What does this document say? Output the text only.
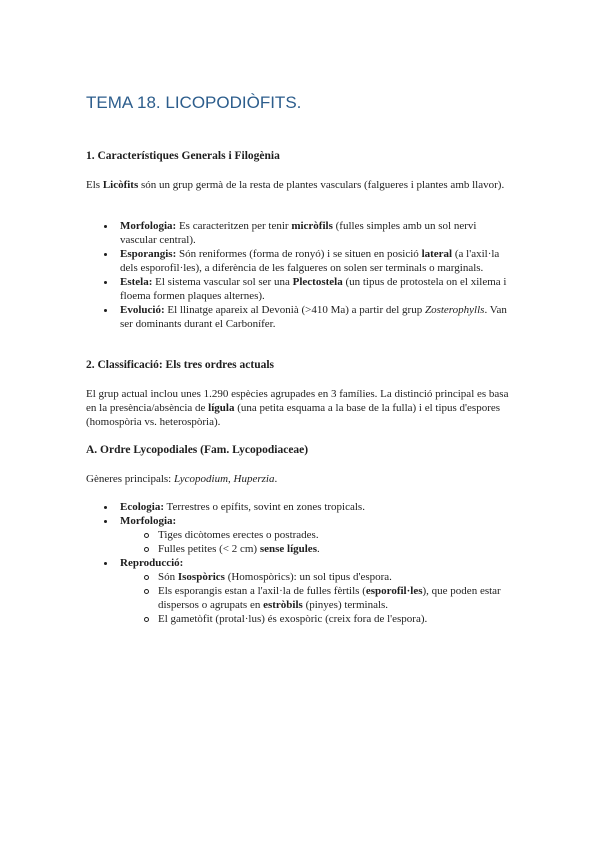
TEMA 18. LICOPODIÒFITS.
1. Característiques Generals i Filogènia

Els Licòfits són un grup germà de la resta de plantes vasculars (falgueres i plantes amb llavor).

Morfologia: Es caracteritzen per tenir micròfils (fulles simples amb un sol nervi vascular central).
Esporangis: Són reniformes (forma de ronyó) i se situen en posició lateral (a l'axil·la dels esporofil·les), a diferència de les falgueres on solen ser terminals o marginals.
Estela: El sistema vascular sol ser una Plectostela (un tipus de protostela on el xilema i floema formen plaques alternes).
Evolució: El llinatge apareix al Devonià (>410 Ma) a partir del grup Zosterophylls. Van ser dominants durant el Carbonífer.
2. Classificació: Els tres ordres actuals

El grup actual inclou unes 1.290 espècies agrupades en 3 famílies. La distinció principal es basa en la presència/absència de lígula (una petita esquama a la base de la fulla) i el tipus d'espores (homospòria vs. heterospòria).

A. Ordre Lycopodiales (Fam. Lycopodiaceae)

Gèneres principals: Lycopodium, Huperzia.

Ecologia: Terrestres o epífits, sovint en zones tropicals.
Morfologia:
Tiges dicòtomes erectes o postrades.
Fulles petites (< 2 cm) sense lígules.
Reproducció:
Són Isospòrics (Homospòrics): un sol tipus d'espora.
Els esporangis estan a l'axil·la de fulles fèrtils (esporofil·les), que poden estar dispersos o agrupats en estròbils (pinyes) terminals.
El gametòfit (protal·lus) és exospòric (creix fora de l'espora).
